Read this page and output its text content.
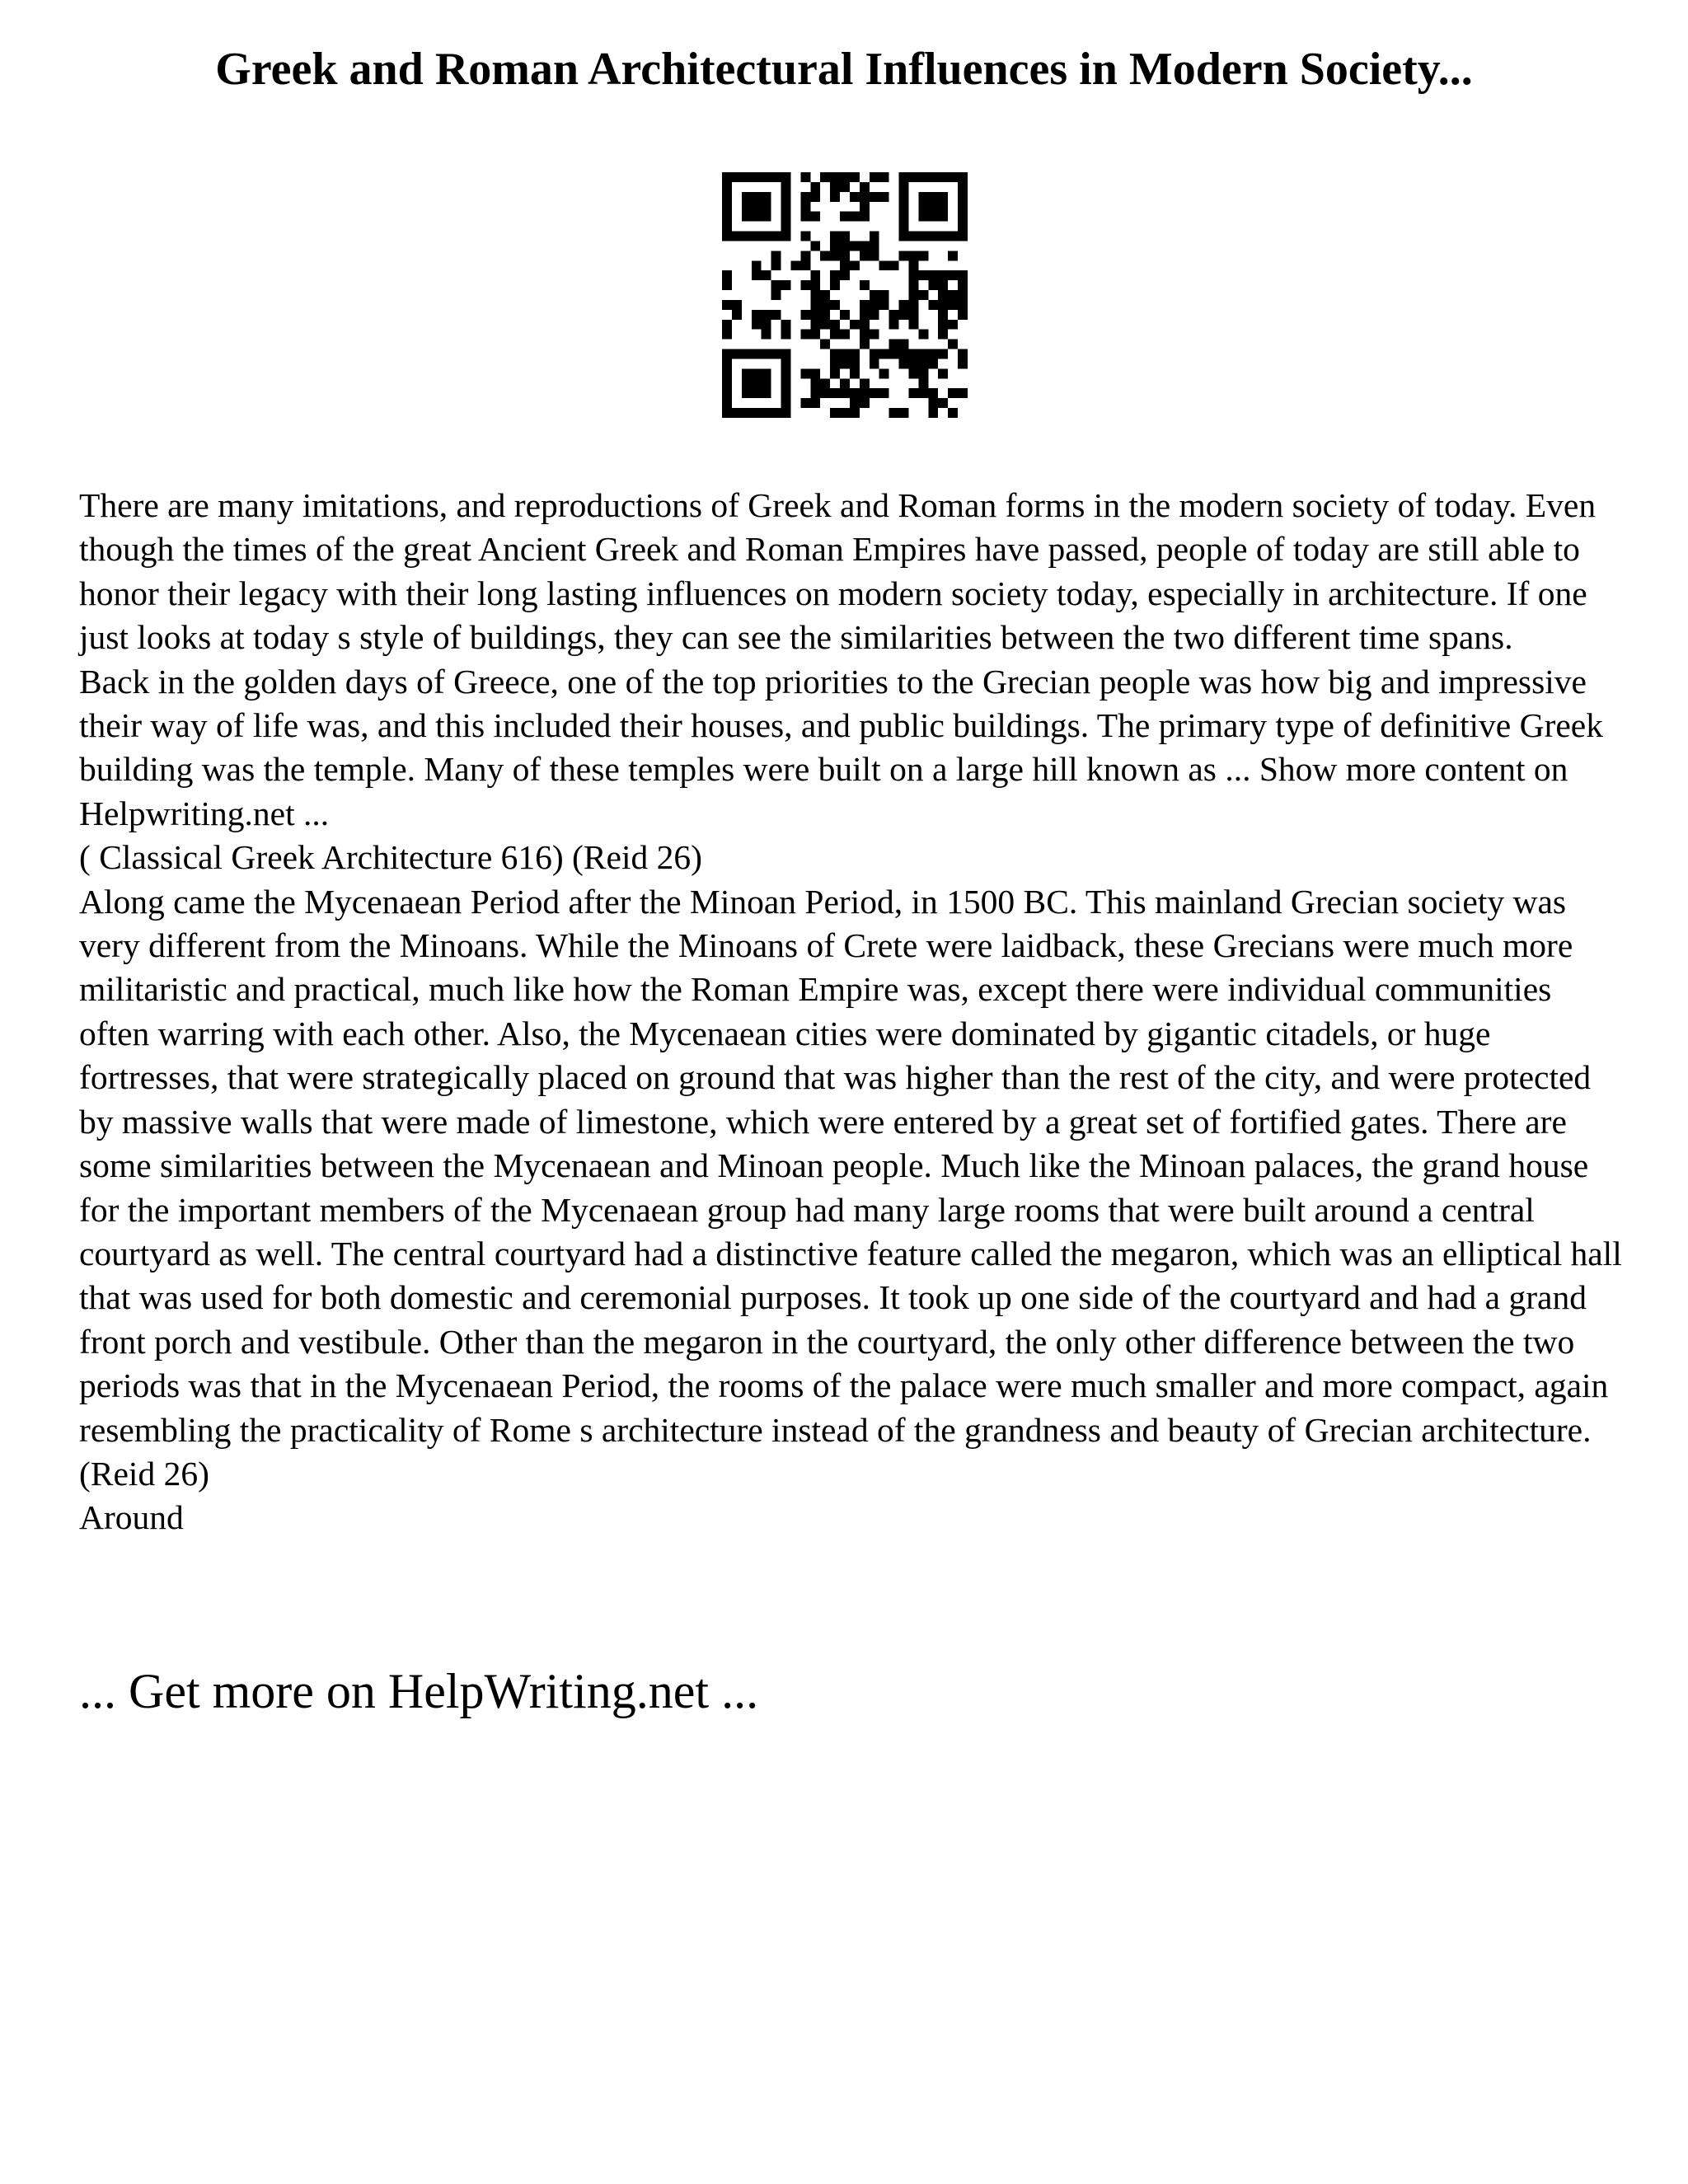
Greek and Roman Architectural Influences in Modern Society...

There are many imitations, and reproductions of Greek and Roman forms in the modern society of today. Even though the times of the great Ancient Greek and Roman Empires have passed, people of today are still able to honor their legacy with their long lasting influences on modern society today, especially in architecture. If one just looks at today s style of buildings, they can see the similarities between the two different time spans.

Back in the golden days of Greece, one of the top priorities to the Grecian people was how big and impressive their way of life was, and this included their houses, and public buildings. The primary type of definitive Greek building was the temple. Many of these temples were built on a large hill known as ... Show more content on Helpwriting.net ...

( Classical Greek Architecture 616) (Reid 26)

Along came the Mycenaean Period after the Minoan Period, in 1500 BC. This mainland Grecian society was very different from the Minoans. While the Minoans of Crete were laidback, these Grecians were much more militaristic and practical, much like how the Roman Empire was, except there were individual communities often warring with each other. Also, the Mycenaean cities were dominated by gigantic citadels, or huge fortresses, that were strategically placed on ground that was higher than the rest of the city, and were protected by massive walls that were made of limestone, which were entered by a great set of fortified gates. There are some similarities between the Mycenaean and Minoan people. Much like the Minoan palaces, the grand house for the important members of the Mycenaean group had many large rooms that were built around a central courtyard as well. The central courtyard had a distinctive feature called the megaron, which was an elliptical hall that was used for both domestic and ceremonial purposes. It took up one side of the courtyard and had a grand front porch and vestibule. Other than the megaron in the courtyard, the only other difference between the two periods was that in the Mycenaean Period, the rooms of the palace were much smaller and more compact, again resembling the practicality of Rome s architecture instead of the grandness and beauty of Grecian architecture. (Reid 26)

Around

... Get more on HelpWriting.net ...
